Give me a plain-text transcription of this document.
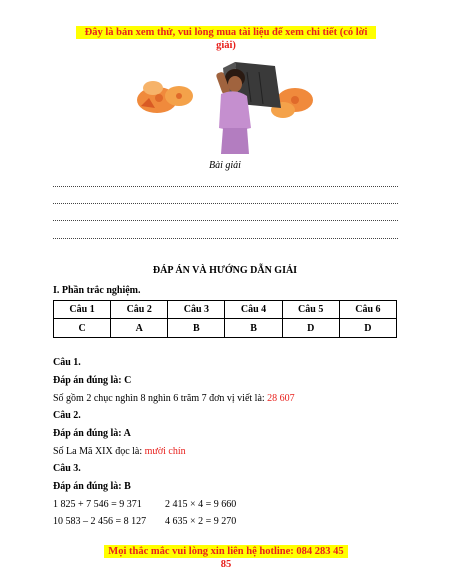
Đây là bản xem thử, vui lòng mua tài liệu để xem chi tiết (có lời giải)
Bài giải
ĐÁP ÁN VÀ HƯỚNG DẪN GIẢI
I. Phần trắc nghiệm.
Câu 1	Câu 2	Câu 3	Câu 4	Câu 5	Câu 6
C	A	B	B	D	D
Câu 1.
Đáp án đúng là: C
Số gồm 2 chục nghìn 8 nghìn 6 trăm 7 đơn vị viết là: 28 607
Câu 2.
Đáp án đúng là: A
Số La Mã XIX đọc là: mười chín
Câu 3.
Đáp án đúng là: B
1 825 + 7 546 = 9 371 2 415 × 4 = 9 660
10 583 – 2 456 = 8 127 4 635 × 2 = 9 270
Mọi thắc mắc vui lòng xin liên hệ hotline: 084 283 45 85
